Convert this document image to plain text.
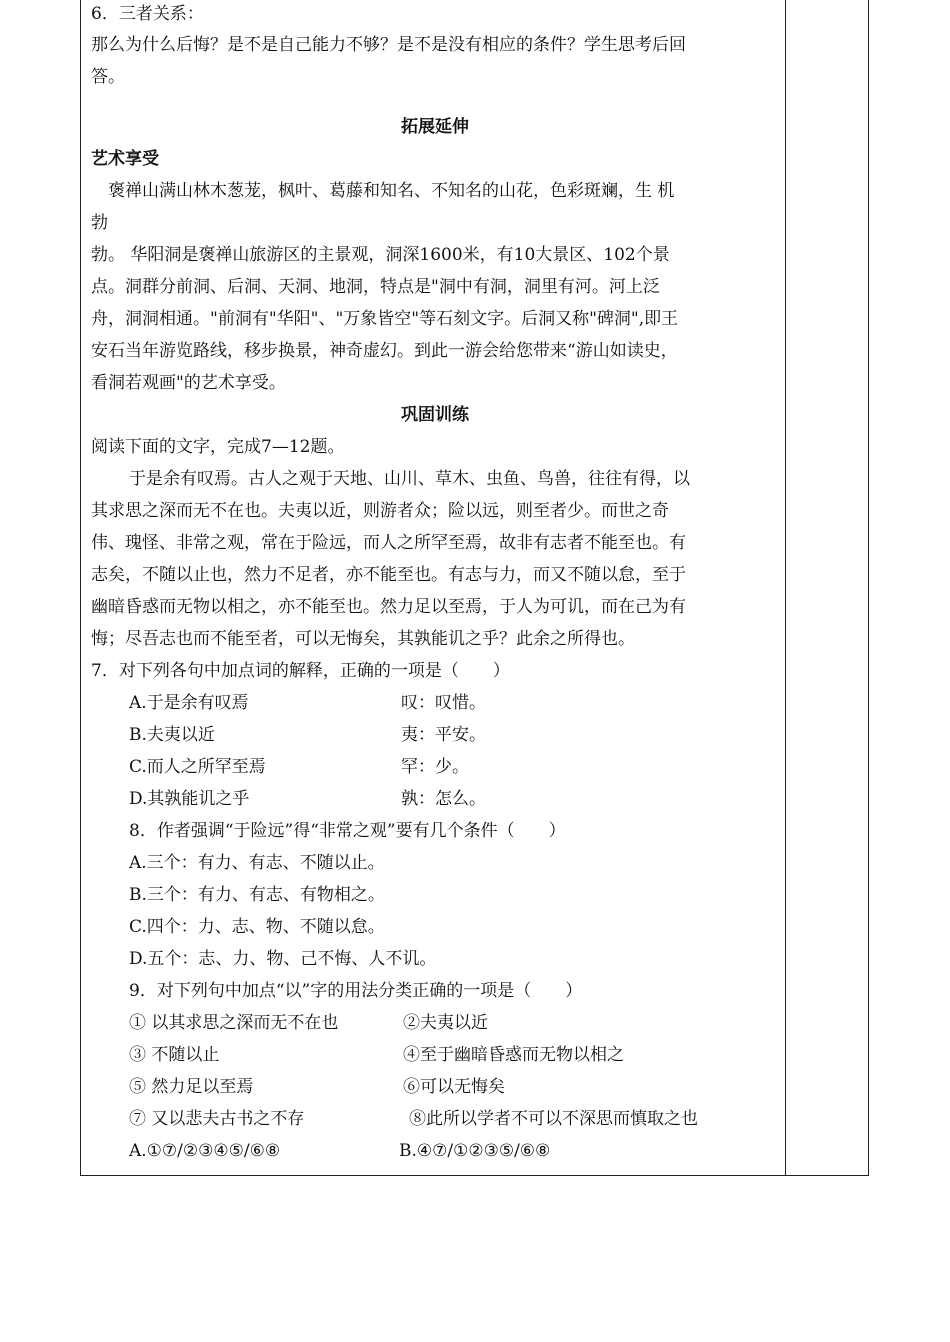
6．三者关系：
那么为什么后悔？是不是自己能力不够？是不是没有相应的条件？学生思考后回
答。
拓展延伸
艺术享受
褒禅山满山林木葱茏，枫叶、葛藤和知名、不知名的山花，色彩斑斓，生 机
勃
勃。 华阳洞是褒禅山旅游区的主景观，洞深1600米，有10大景区、102个景
点。洞群分前洞、后洞、天洞、地洞，特点是"洞中有洞，洞里有河。河上泛
舟，洞洞相通。"前洞有"华阳"、"万象皆空"等石刻文字。后洞又称"碑洞",即王
安石当年游览路线，移步换景，神奇虚幻。到此一游会给您带来“游山如读史，
看洞若观画"的艺术享受。
巩固训练
阅读下面的文字，完成7—12题。
于是余有叹焉。古人之观于天地、山川、草木、虫鱼、鸟兽，往往有得，以
其求思之深而无不在也。夫夷以近，则游者众；险以远，则至者少。而世之奇
伟、瑰怪、非常之观，常在于险远，而人之所罕至焉，故非有志者不能至也。有
志矣，不随以止也，然力不足者，亦不能至也。有志与力，而又不随以怠，至于
幽暗昏惑而无物以相之，亦不能至也。然力足以至焉，于人为可讥，而在己为有
悔；尽吾志也而不能至者，可以无悔矣，其孰能讥之乎？此余之所得也。
7．对下列各句中加点词的解释，正确的一项是（　　）
A.于是余有叹焉	叹：叹惜。
B.夫夷以近	夷：平安。
C.而人之所罕至焉	罕：少。
D.其孰能讥之乎	孰：怎么。
8．作者强调“于险远”得“非常之观”要有几个条件（　　）
A.三个：有力、有志、不随以止。
B.三个：有力、有志、有物相之。
C.四个：力、志、物、不随以怠。
D.五个：志、力、物、己不悔、人不讥。
9．对下列句中加点“以”字的用法分类正确的一项是（　　）
① 以其求思之深而无不在也	②夫夷以近
③ 不随以止	④至于幽暗昏惑而无物以相之
⑤ 然力足以至焉	⑥可以无悔矣
⑦ 又以悲夫古书之不存	⑧此所以学者不可以不深思而慎取之也
A.①⑦/②③④⑤/⑥⑧	B.④⑦/①②③⑤/⑥⑧
